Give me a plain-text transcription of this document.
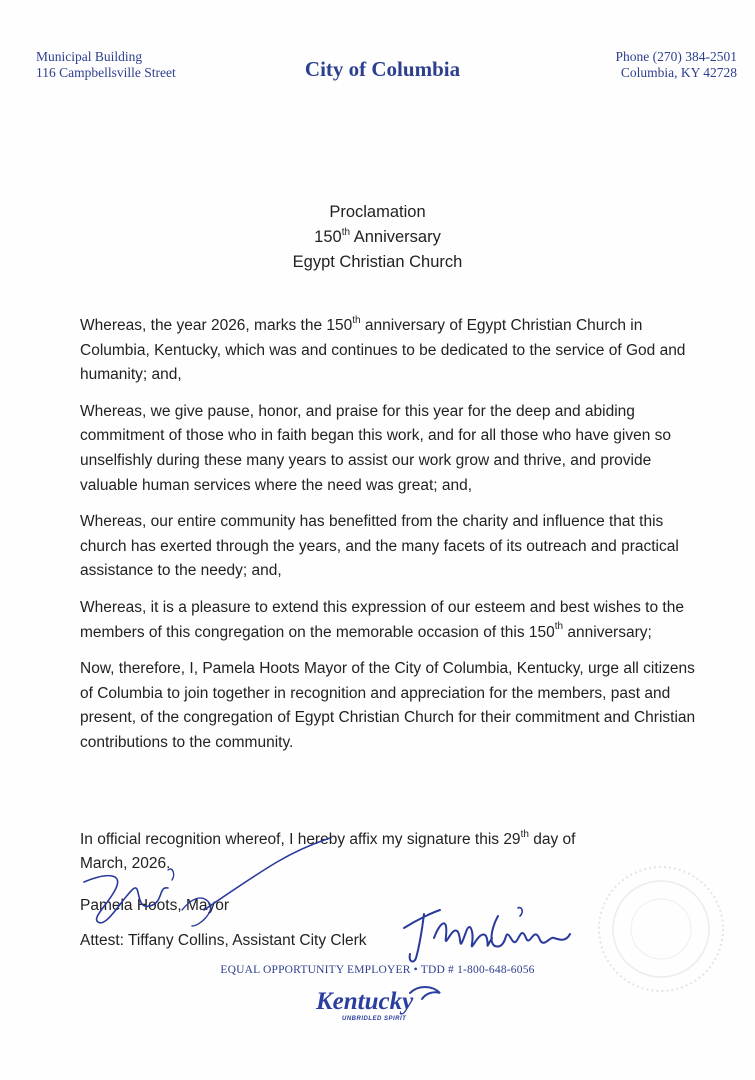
Municipal Building
116 Campbellsville Street	City of Columbia
Phone (270) 384-2501
Columbia, KY 42728
Proclamation
150th Anniversary
Egypt Christian Church

Whereas, the year 2026, marks the 150th anniversary of Egypt Christian Church in Columbia, Kentucky, which was and continues to be dedicated to the service of God and humanity; and,

Whereas, we give pause, honor, and praise for this year for the deep and abiding commitment of those who in faith began this work, and for all those who have given so unselfishly during these many years to assist our work grow and thrive, and provide valuable human services where the need was great; and,

Whereas, our entire community has benefitted from the charity and influence that this church has exerted through the years, and the many facets of its outreach and practical assistance to the needy; and,

Whereas, it is a pleasure to extend this expression of our esteem and best wishes to the members of this congregation on the memorable occasion of this 150th anniversary;

Now, therefore, I, Pamela Hoots Mayor of the City of Columbia, Kentucky, urge all citizens of Columbia to join together in recognition and appreciation for the members, past and present, of the congregation of Egypt Christian Church for their commitment and Christian contributions to the community.

In official recognition whereof, I hereby affix my signature this 29th day of
March, 2026.
Pamela Hoots, Mayor
Attest: Tiffany Collins, Assistant City Clerk
EQUAL OPPORTUNITY EMPLOYER • TDD # 1-800-648-6056
Kentucky
UNBRIDLED SPIRIT
